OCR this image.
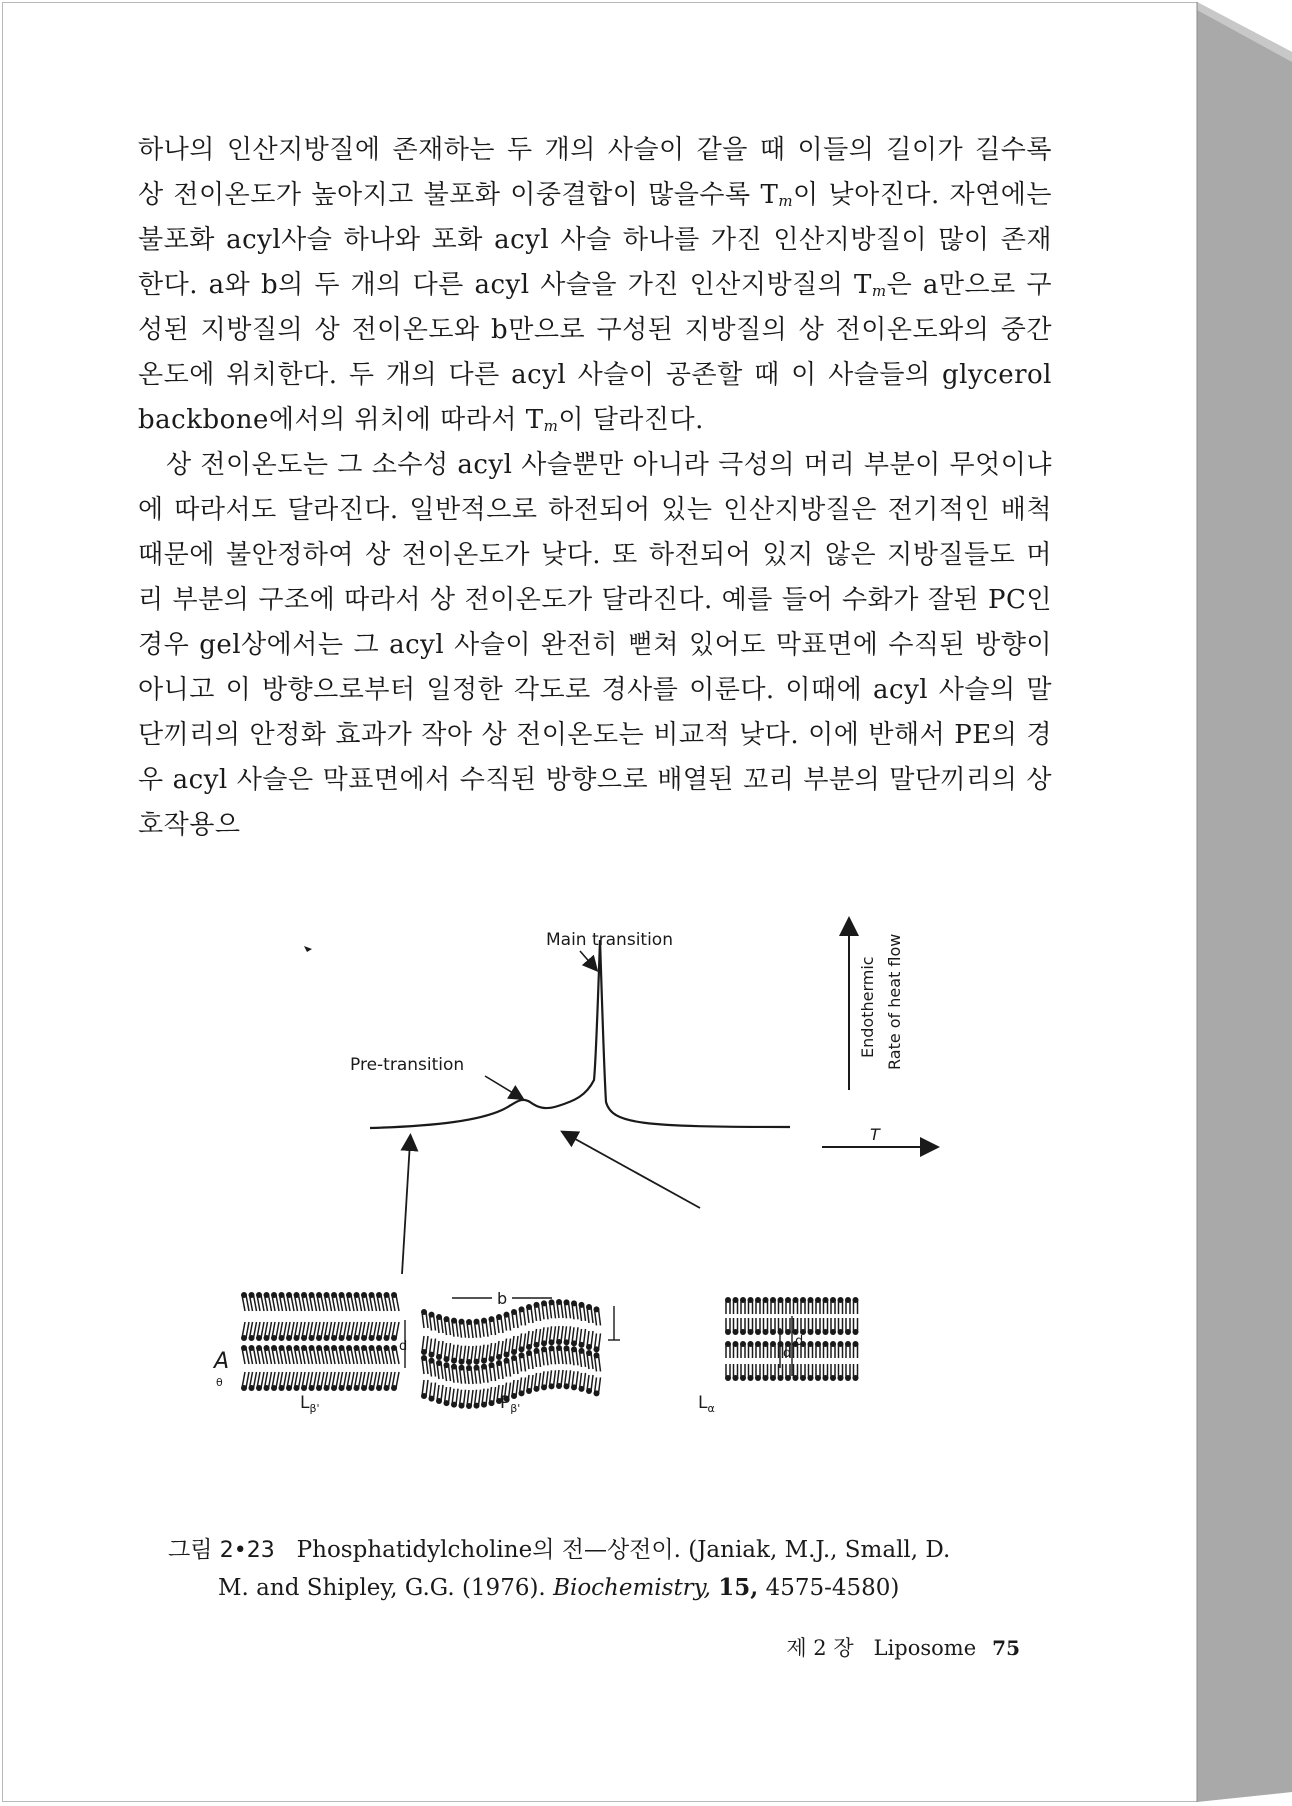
하나의 인산지방질에 존재하는 두 개의 사슬이 같을 때 이들의 길이가 길수록 상 전이온도가 높아지고 불포화 이중결합이 많을수록 $T_m$이 낮아진다. 자연에는 불포화 acyl사슬 하나와 포화 acyl 사슬 하나를 가진 인산지방질이 많이 존재한다. a와 b의 두 개의 다른 acyl 사슬을 가진 인산지방질의 $T_m$은 a만으로 구성된 지방질의 상 전이온도와 b만으로 구성된 지방질의 상 전이온도와의 중간온도에 위치한다. 두 개의 다른 acyl 사슬이 공존할 때 이 사슬들의 glycerol backbone에서의 위치에 따라서 $T_m$이 달라진다.

상 전이온도는 그 소수성 acyl 사슬뿐만 아니라 극성의 머리 부분이 무엇이냐에 따라서도 달라진다. 일반적으로 하전되어 있는 인산지방질은 전기적인 배척 때문에 불안정하여 상 전이온도가 낮다. 또 하전되어 있지 않은 지방질들도 머리 부분의 구조에 따라서 상 전이온도가 달라진다. 예를 들어 수화가 잘된 PC인 경우 gel상에서는 그 acyl 사슬이 완전히 뻗쳐 있어도 막표면에 수직된 방향이 아니고 이 방향으로부터 일정한 각도로 경사를 이룬다. 이때에 acyl 사슬의 말단끼리의 안정화 효과가 작아 상 전이온도는 비교적 낮다. 이에 반해서 PE의 경우 acyl 사슬은 막표면에서 수직된 방향으로 배열된 꼬리 부분의 말단끼리의 상호작용으

Main transition
Pre-transition
Endothermic Rate of heat flow
T
$L_{\beta'}$	$P_{\beta'}$	$L_\alpha$
b
d	d
d
A
θ
그림 2•23 Phosphatidylcholine의 전—상전이. (Janiak, M.J., Small, D.
M. and Shipley, G.G. (1976). Biochemistry, 15, 4575-4580)
제 2 장 Liposome 75
